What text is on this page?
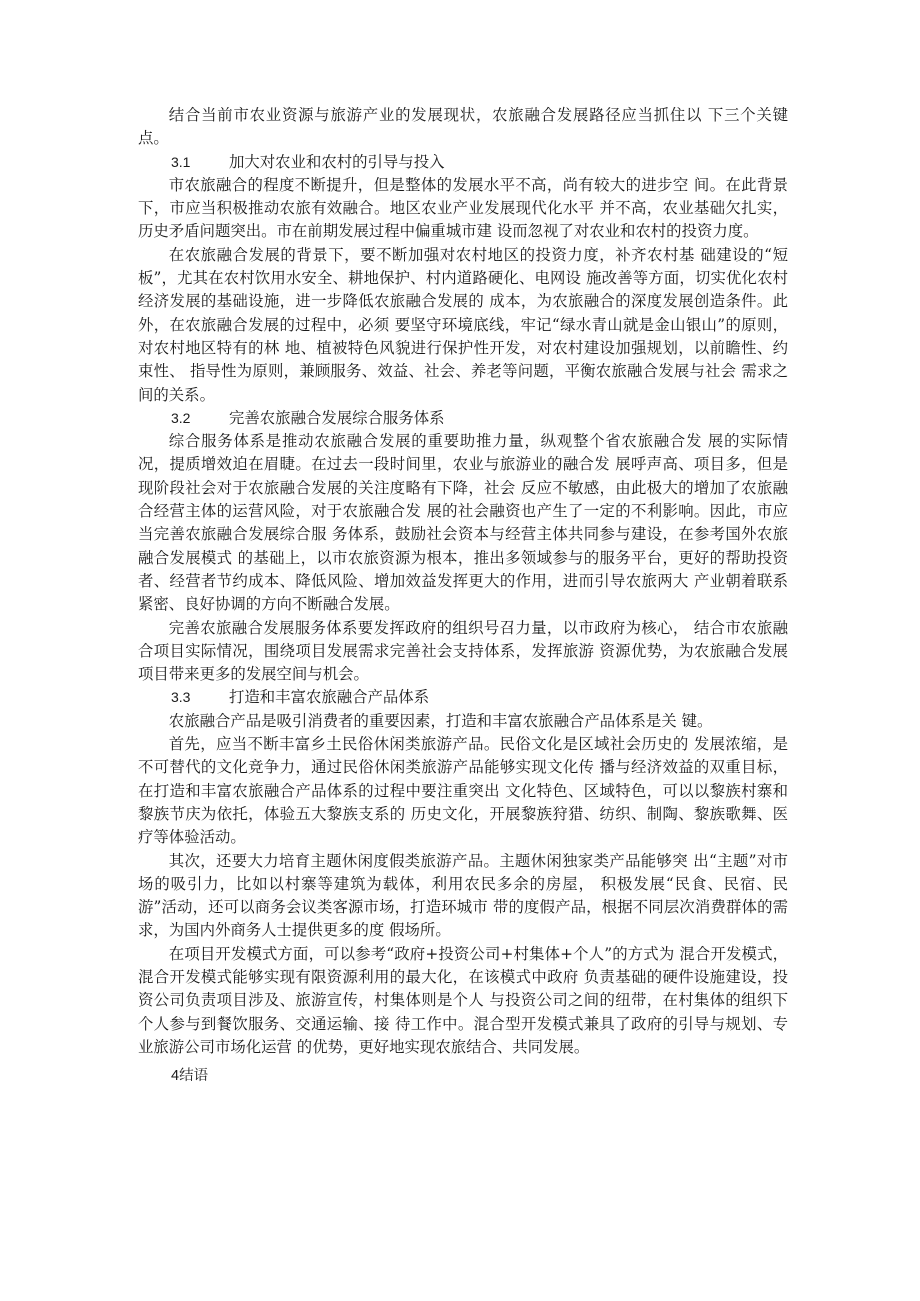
结合当前市农业资源与旅游产业的发展现状，农旅融合发展路径应当抓住以 下三个关键点。

3.1	加大对农业和农村的引导与投入

市农旅融合的程度不断提升，但是整体的发展水平不高，尚有较大的进步空 间。在此背景下，市应当积极推动农旅有效融合。地区农业产业发展现代化水平 并不高，农业基础欠扎实，历史矛盾问题突出。市在前期发展过程中偏重城市建 设而忽视了对农业和农村的投资力度。

在农旅融合发展的背景下，要不断加强对农村地区的投资力度，补齐农村基 础建设的“短板”，尤其在农村饮用水安全、耕地保护、村内道路硬化、电网设 施改善等方面，切实优化农村经济发展的基础设施，进一步降低农旅融合发展的 成本，为农旅融合的深度发展创造条件。此外，在农旅融合发展的过程中，必须 要坚守环境底线，牢记“绿水青山就是金山银山”的原则，对农村地区特有的林 地、植被特色风貌进行保护性开发，对农村建设加强规划，以前瞻性、约束性、 指导性为原则，兼顾服务、效益、社会、养老等问题，平衡农旅融合发展与社会 需求之间的关系。

3.2	完善农旅融合发展综合服务体系

综合服务体系是推动农旅融合发展的重要助推力量，纵观整个省农旅融合发 展的实际情况，提质增效迫在眉睫。在过去一段时间里，农业与旅游业的融合发 展呼声高、项目多，但是现阶段社会对于农旅融合发展的关注度略有下降，社会 反应不敏感，由此极大的增加了农旅融合经营主体的运营风险，对于农旅融合发 展的社会融资也产生了一定的不利影响。因此，市应当完善农旅融合发展综合服 务体系，鼓励社会资本与经营主体共同参与建设，在参考国外农旅融合发展模式 的基础上，以市农旅资源为根本，推出多领域参与的服务平台，更好的帮助投资 者、经营者节约成本、降低风险、增加效益发挥更大的作用，进而引导农旅两大 产业朝着联系紧密、良好协调的方向不断融合发展。

完善农旅融合发展服务体系要发挥政府的组织号召力量，以市政府为核心， 结合市农旅融合项目实际情况，围绕项目发展需求完善社会支持体系，发挥旅游 资源优势，为农旅融合发展项目带来更多的发展空间与机会。

3.3	打造和丰富农旅融合产品体系

农旅融合产品是吸引消费者的重要因素，打造和丰富农旅融合产品体系是关 键。

首先，应当不断丰富乡土民俗休闲类旅游产品。民俗文化是区域社会历史的 发展浓缩，是不可替代的文化竞争力，通过民俗休闲类旅游产品能够实现文化传 播与经济效益的双重目标，在打造和丰富农旅融合产品体系的过程中要注重突出 文化特色、区域特色，可以以黎族村寨和黎族节庆为依托，体验五大黎族支系的 历史文化，开展黎族狩猎、纺织、制陶、黎族歌舞、医疗等体验活动。

其次，还要大力培育主题休闲度假类旅游产品。主题休闲独家类产品能够突 出“主题”对市场的吸引力，比如以村寨等建筑为载体，利用农民多余的房屋， 积极发展“民食、民宿、民游”活动，还可以商务会议类客源市场，打造环城市 带的度假产品，根据不同层次消费群体的需求，为国内外商务人士提供更多的度 假场所。

在项目开发模式方面，可以参考“政府+投资公司+村集体+个人”的方式为 混合开发模式，混合开发模式能够实现有限资源利用的最大化，在该模式中政府 负责基础的硬件设施建设，投资公司负责项目涉及、旅游宣传，村集体则是个人 与投资公司之间的纽带，在村集体的组织下个人参与到餐饮服务、交通运输、接 待工作中。混合型开发模式兼具了政府的引导与规划、专业旅游公司市场化运营 的优势，更好地实现农旅结合、共同发展。

4结语
